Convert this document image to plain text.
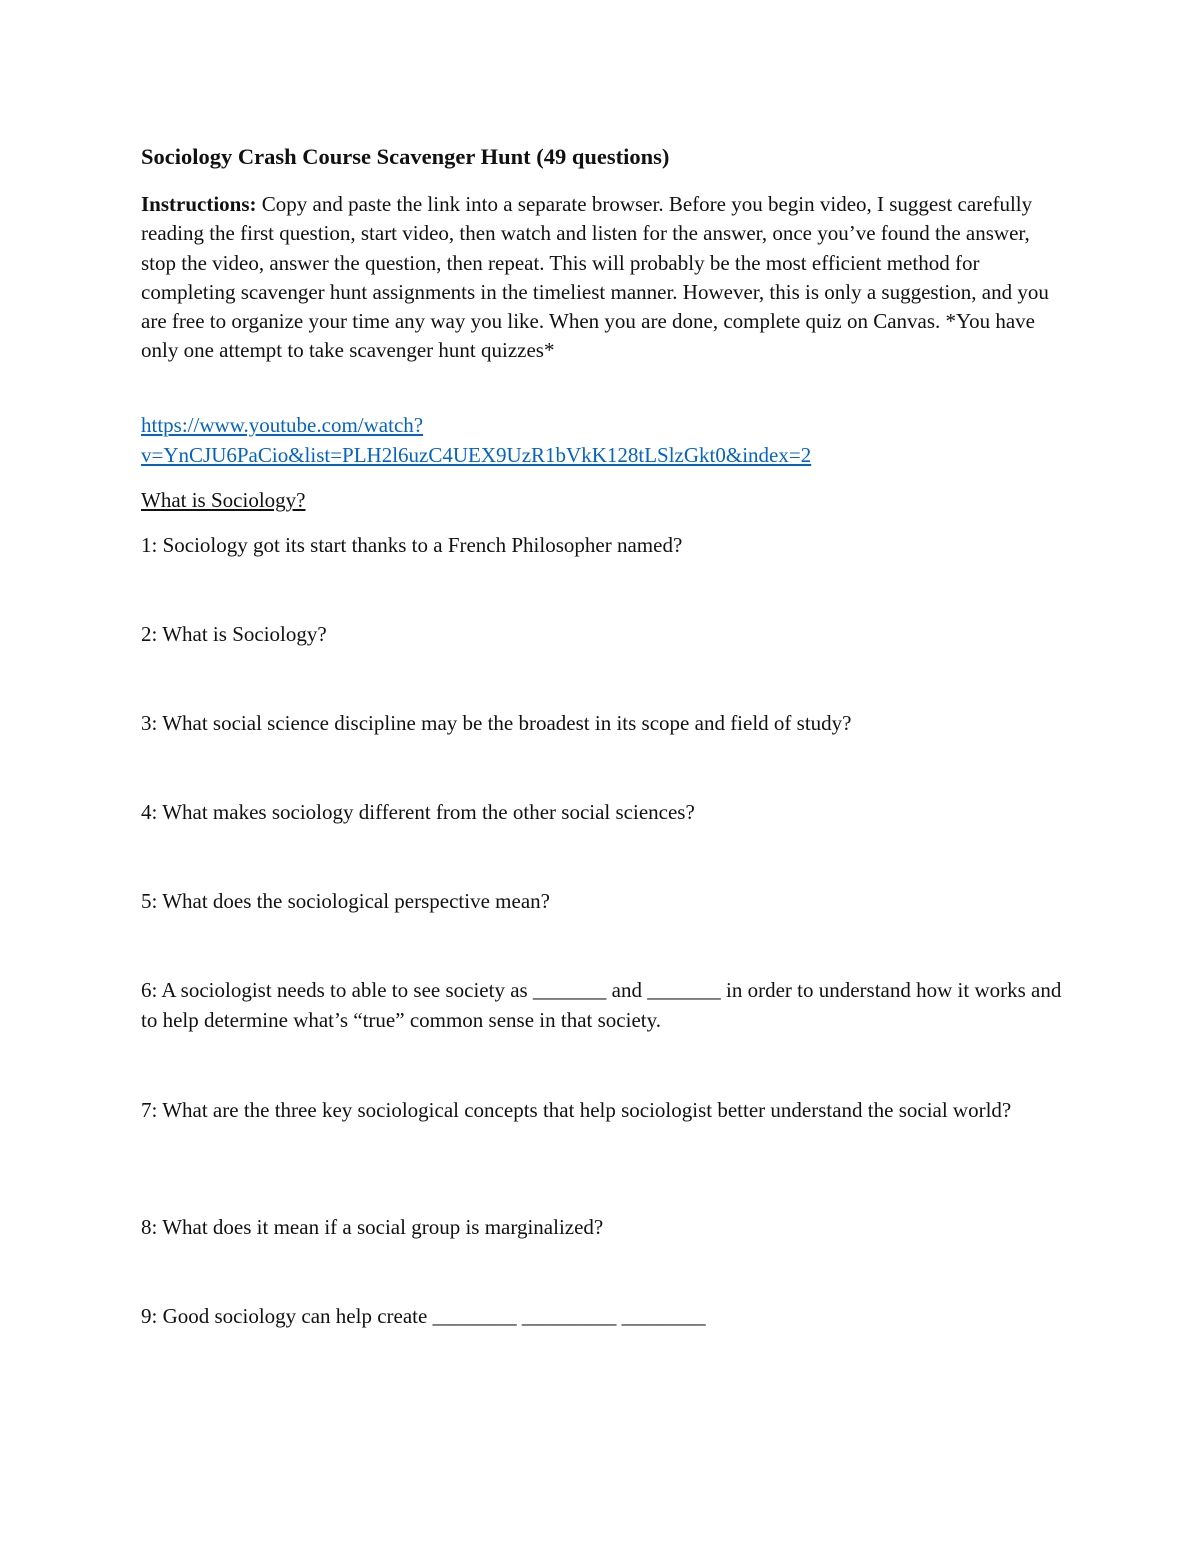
Sociology Crash Course Scavenger Hunt (49 questions)

Instructions: Copy and paste the link into a separate browser. Before you begin video, I suggest carefully reading the first question, start video, then watch and listen for the answer, once you’ve found the answer, stop the video, answer the question, then repeat. This will probably be the most efficient method for completing scavenger hunt assignments in the timeliest manner. However, this is only a suggestion, and you are free to organize your time any way you like. When you are done, complete quiz on Canvas. *You have only one attempt to take scavenger hunt quizzes*

https://www.youtube.com/watch?
v=YnCJU6PaCio&list=PLH2l6uzC4UEX9UzR1bVkK128tLSlzGkt0&index=2

What is Sociology?

1: Sociology got its start thanks to a French Philosopher named?

2: What is Sociology?

3: What social science discipline may be the broadest in its scope and field of study?

4: What makes sociology different from the other social sciences?

5: What does the sociological perspective mean?

6: A sociologist needs to able to see society as _______ and _______ in order to understand how it works and to help determine what’s “true” common sense in that society.

7: What are the three key sociological concepts that help sociologist better understand the social world?

8: What does it mean if a social group is marginalized?

9: Good sociology can help create ________ _________ ________
